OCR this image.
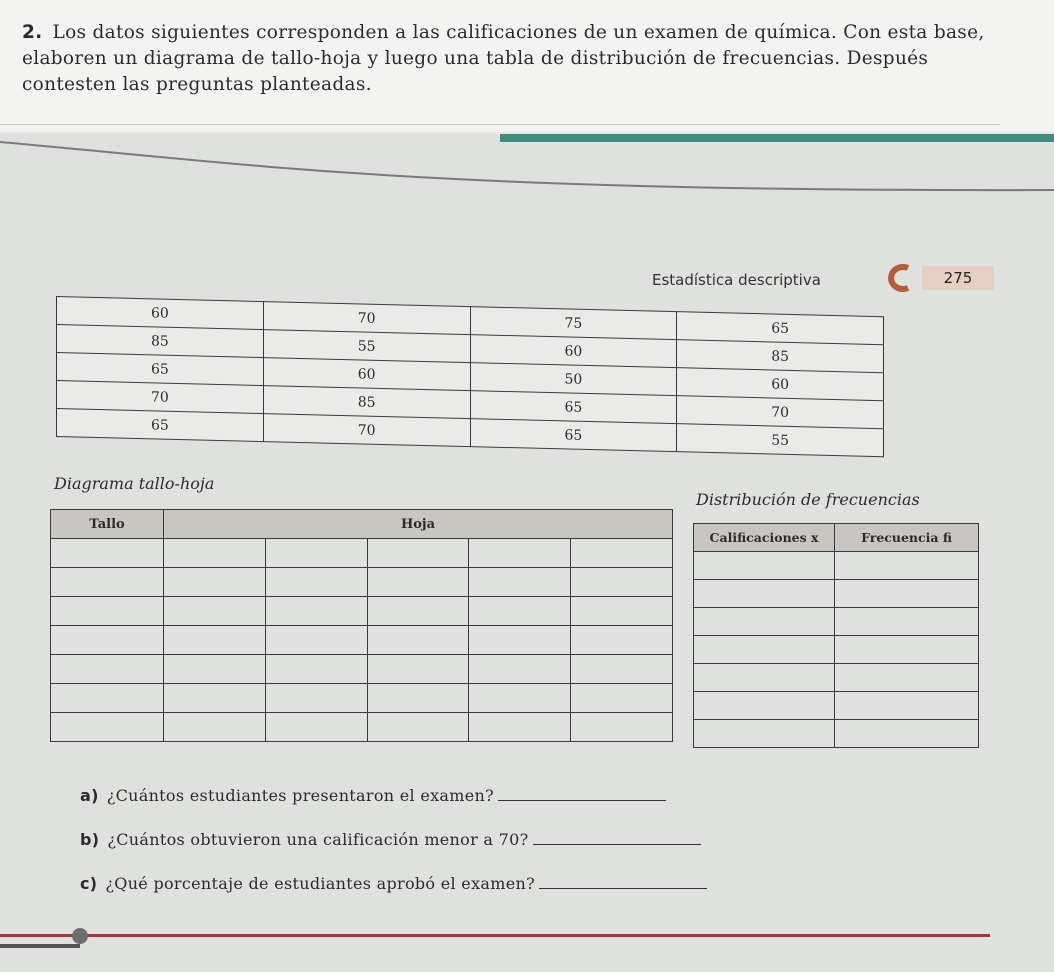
2. Los datos siguientes corresponden a las calificaciones de un examen de química. Con esta base, elaboren un diagrama de tallo-hoja y luego una tabla de distribución de frecuencias. Después contesten las preguntas planteadas.
Estadística descriptiva	275
60	70	75	65
85	55	60	85
65	60	50	60
70	85	65	70
65	70	65	55
Diagrama tallo-hoja
Distribución de frecuencias
Tallo	Hoja				

Calificaciones x	Frecuencia fi

a) ¿Cuántos estudiantes presentaron el examen?
b) ¿Cuántos obtuvieron una calificación menor a 70?
c) ¿Qué porcentaje de estudiantes aprobó el examen?
